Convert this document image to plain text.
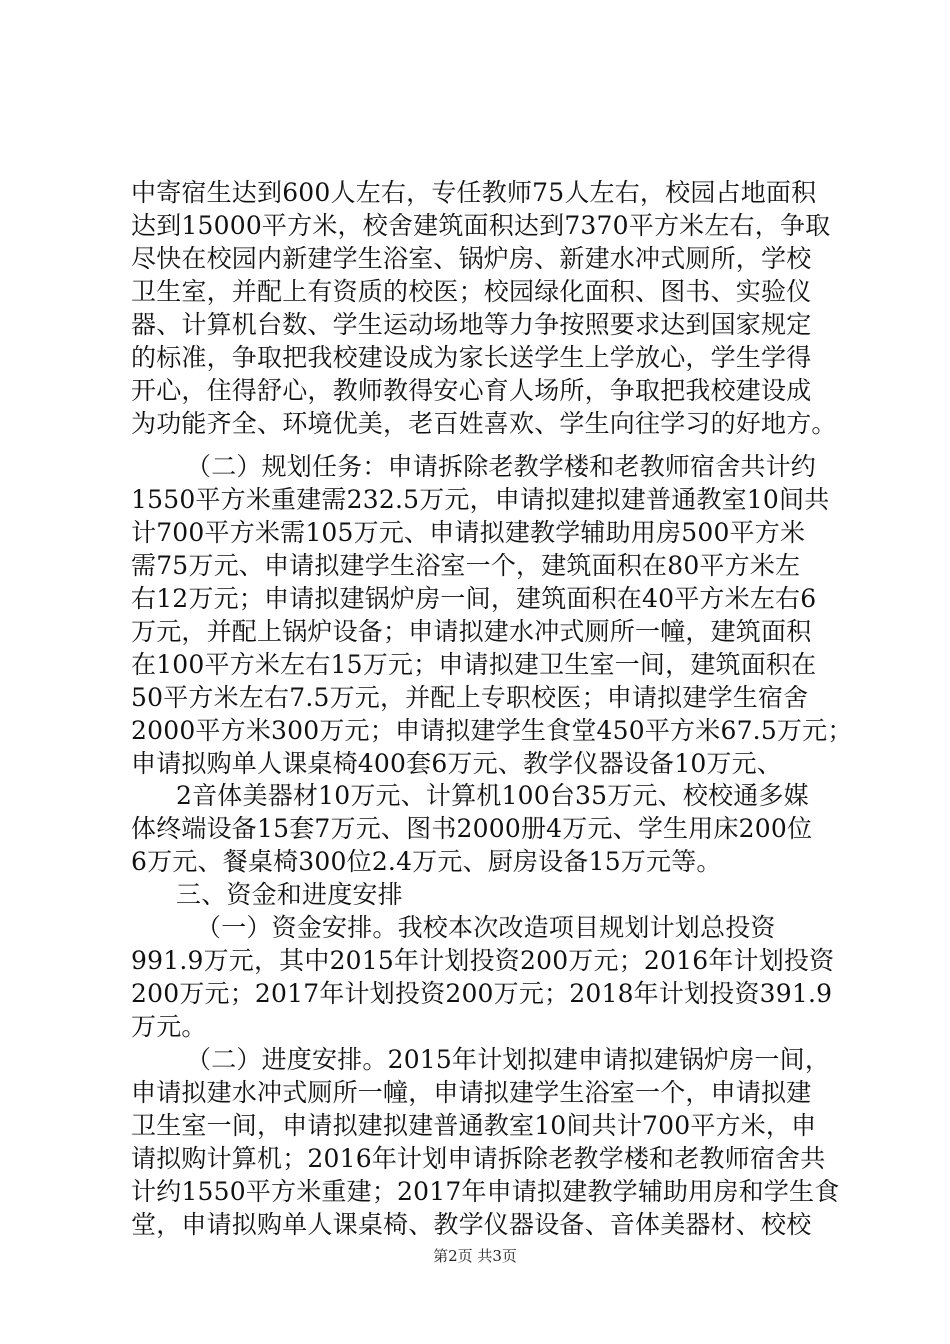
中寄宿生达到600人左右，专任教师75人左右，校园占地面积
达到15000平方米，校舍建筑面积达到7370平方米左右，争取
尽快在校园内新建学生浴室、锅炉房、新建水冲式厕所，学校
卫生室，并配上有资质的校医；校园绿化面积、图书、实验仪
器、计算机台数、学生运动场地等力争按照要求达到国家规定
的标准，争取把我校建设成为家长送学生上学放心，学生学得
开心，住得舒心，教师教得安心育人场所，争取把我校建设成
为功能齐全、环境优美，老百姓喜欢、学生向往学习的好地方。
（二）规划任务：申请拆除老教学楼和老教师宿舍共计约
1550平方米重建需232.5万元，申请拟建拟建普通教室10间共
计700平方米需105万元、申请拟建教学辅助用房500平方米
需75万元、申请拟建学生浴室一个，建筑面积在80平方米左
右12万元；申请拟建锅炉房一间，建筑面积在40平方米左右6
万元，并配上锅炉设备；申请拟建水冲式厕所一幢，建筑面积
在100平方米左右15万元；申请拟建卫生室一间，建筑面积在
50平方米左右7.5万元，并配上专职校医；申请拟建学生宿舍
2000平方米300万元；申请拟建学生食堂450平方米67.5万元；
申请拟购单人课桌椅400套6万元、教学仪器设备10万元、
2音体美器材10万元、计算机100台35万元、校校通多媒
体终端设备15套7万元、图书2000册4万元、学生用床200位
6万元、餐桌椅300位2.4万元、厨房设备15万元等。
三、资金和进度安排
（一）资金安排。我校本次改造项目规划计划总投资
991.9万元，其中2015年计划投资200万元；2016年计划投资
200万元；2017年计划投资200万元；2018年计划投资391.9
万元。
（二）进度安排。2015年计划拟建申请拟建锅炉房一间，
申请拟建水冲式厕所一幢，申请拟建学生浴室一个，申请拟建
卫生室一间，申请拟建拟建普通教室10间共计700平方米，申
请拟购计算机；2016年计划申请拆除老教学楼和老教师宿舍共
计约1550平方米重建；2017年申请拟建教学辅助用房和学生食
堂，申请拟购单人课桌椅、教学仪器设备、音体美器材、校校
第2页 共3页
